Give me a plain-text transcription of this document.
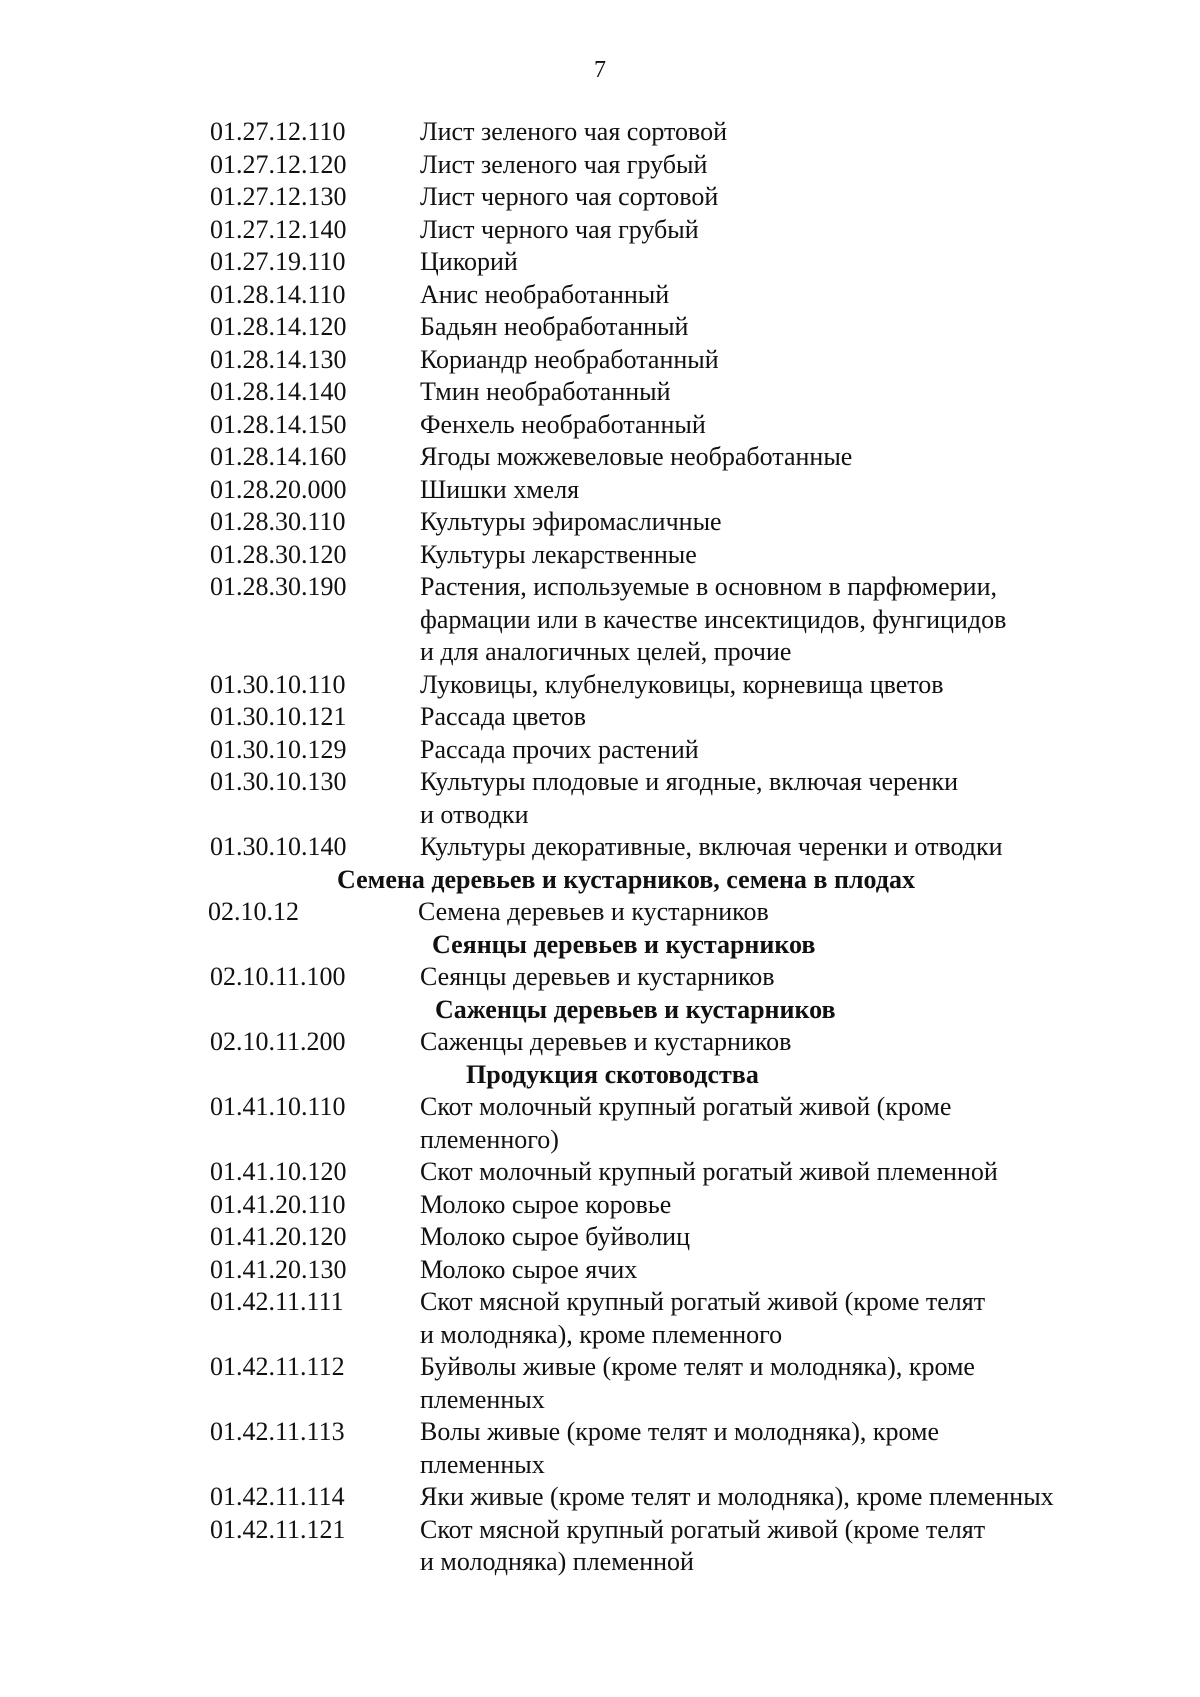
7
01.27.12.110	Лист зеленого чая сортовой
01.27.12.120	Лист зеленого чая грубый
01.27.12.130	Лист черного чая сортовой
01.27.12.140	Лист черного чая грубый
01.27.19.110	Цикорий
01.28.14.110	Анис необработанный
01.28.14.120	Бадьян необработанный
01.28.14.130	Кориандр необработанный
01.28.14.140	Тмин необработанный
01.28.14.150	Фенхель необработанный
01.28.14.160	Ягоды можжевеловые необработанные
01.28.20.000	Шишки хмеля
01.28.30.110	Культуры эфиромасличные
01.28.30.120	Культуры лекарственные
01.28.30.190	Растения, используемые в основном в парфюмерии,
фармации или в качестве инсектицидов, фунгицидов
и для аналогичных целей, прочие
01.30.10.110	Луковицы, клубнелуковицы, корневища цветов
01.30.10.121	Рассада цветов
01.30.10.129	Рассада прочих растений
01.30.10.130	Культуры плодовые и ягодные, включая черенки
и отводки
01.30.10.140	Культуры декоративные, включая черенки и отводки
Семена деревьев и кустарников, семена в плодах
02.10.12	Семена деревьев и кустарников
Сеянцы деревьев и кустарников
02.10.11.100	Сеянцы деревьев и кустарников
Саженцы деревьев и кустарников
02.10.11.200	Саженцы деревьев и кустарников
Продукция скотоводства
01.41.10.110	Скот молочный крупный рогатый живой (кроме
племенного)
01.41.10.120	Скот молочный крупный рогатый живой племенной
01.41.20.110	Молоко сырое коровье
01.41.20.120	Молоко сырое буйволиц
01.41.20.130	Молоко сырое ячих
01.42.11.111	Скот мясной крупный рогатый живой (кроме телят
и молодняка), кроме племенного
01.42.11.112	Буйволы живые (кроме телят и молодняка), кроме
племенных
01.42.11.113	Волы живые (кроме телят и молодняка), кроме
племенных
01.42.11.114	Яки живые (кроме телят и молодняка), кроме племенных
01.42.11.121	Скот мясной крупный рогатый живой (кроме телят
и молодняка) племенной
